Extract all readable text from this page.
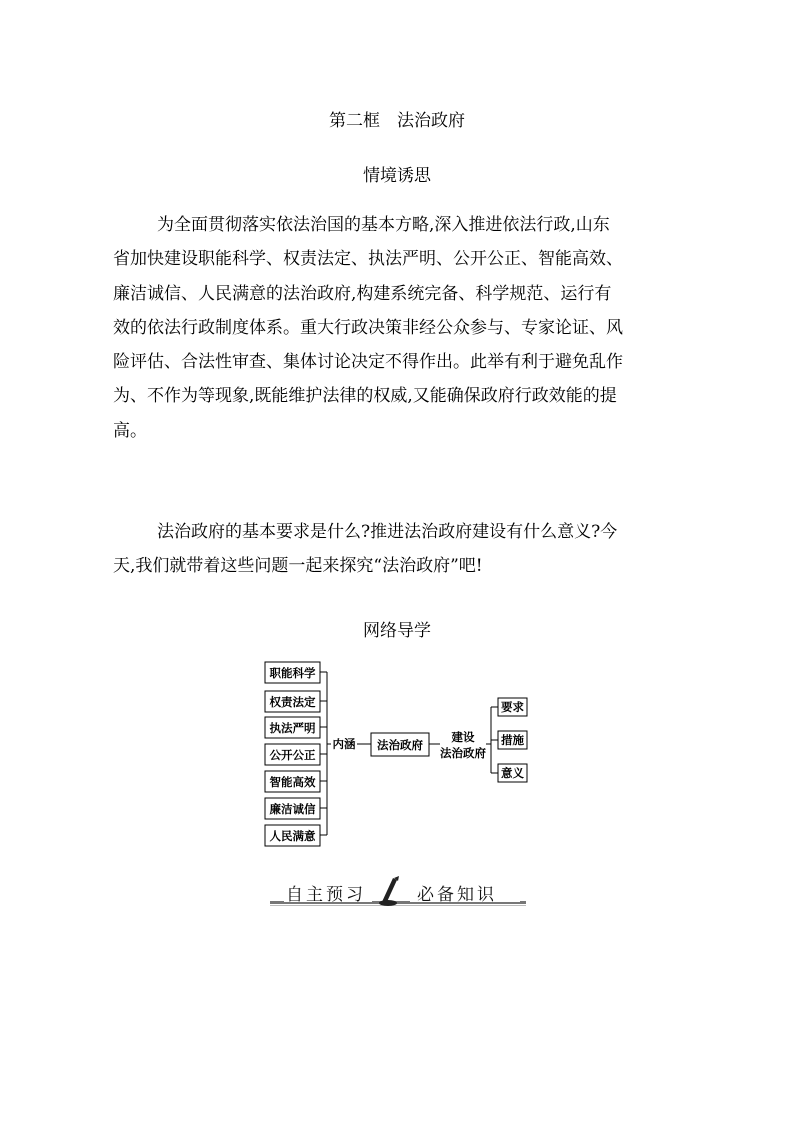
第二框　法治政府
情境诱思
为全面贯彻落实依法治国的基本方略,深入推进依法行政,山东
省加快建设职能科学、权责法定、执法严明、公开公正、智能高效、
廉洁诚信、人民满意的法治政府,构建系统完备、科学规范、运行有
效的依法行政制度体系。重大行政决策非经公众参与、专家论证、风
险评估、合法性审查、集体讨论决定不得作出。此举有利于避免乱作
为、不作为等现象,既能维护法律的权威,又能确保政府行政效能的提
高。
法治政府的基本要求是什么?推进法治政府建设有什么意义?今
天,我们就带着这些问题一起来探究“法治政府”吧!
网络导学
职能科学
权责法定
执法严明
公开公正
智能高效
廉洁诚信
人民满意
内涵 法治政府
建设
法治政府
要求
措施
意义
自主预习	必备知识
